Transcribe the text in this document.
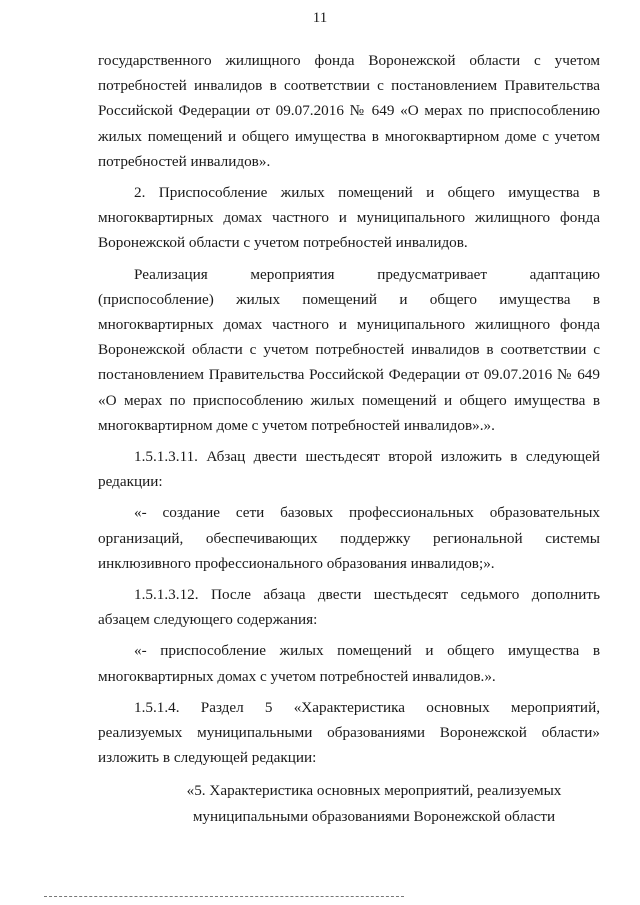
11

государственного жилищного фонда Воронежской области с учетом потребностей инвалидов в соответствии с постановлением Правительства Российской Федерации от 09.07.2016 № 649 «О мерах по приспособлению жилых помещений и общего имущества в многоквартирном доме с учетом потребностей инвалидов».

2. Приспособление жилых помещений и общего имущества в многоквартирных домах частного и муниципального жилищного фонда Воронежской области с учетом потребностей инвалидов.

Реализация мероприятия предусматривает адаптацию (приспособление) жилых помещений и общего имущества в многоквартирных домах частного и муниципального жилищного фонда Воронежской области с учетом потребностей инвалидов в соответствии с постановлением Правительства Российской Федерации от 09.07.2016 № 649 «О мерах по приспособлению жилых помещений и общего имущества в многоквартирном доме с учетом потребностей инвалидов».».

1.5.1.3.11. Абзац двести шестьдесят второй изложить в следующей редакции:

«- создание сети базовых профессиональных образовательных организаций, обеспечивающих поддержку региональной системы инклюзивного профессионального образования инвалидов;».

1.5.1.3.12. После абзаца двести шестьдесят седьмого дополнить абзацем следующего содержания:

«- приспособление жилых помещений и общего имущества в многоквартирных домах с учетом потребностей инвалидов.».

1.5.1.4. Раздел 5 «Характеристика основных мероприятий, реализуемых муниципальными образованиями Воронежской области» изложить в следующей редакции:

«5. Характеристика основных мероприятий, реализуемых
муниципальными образованиями Воронежской области
